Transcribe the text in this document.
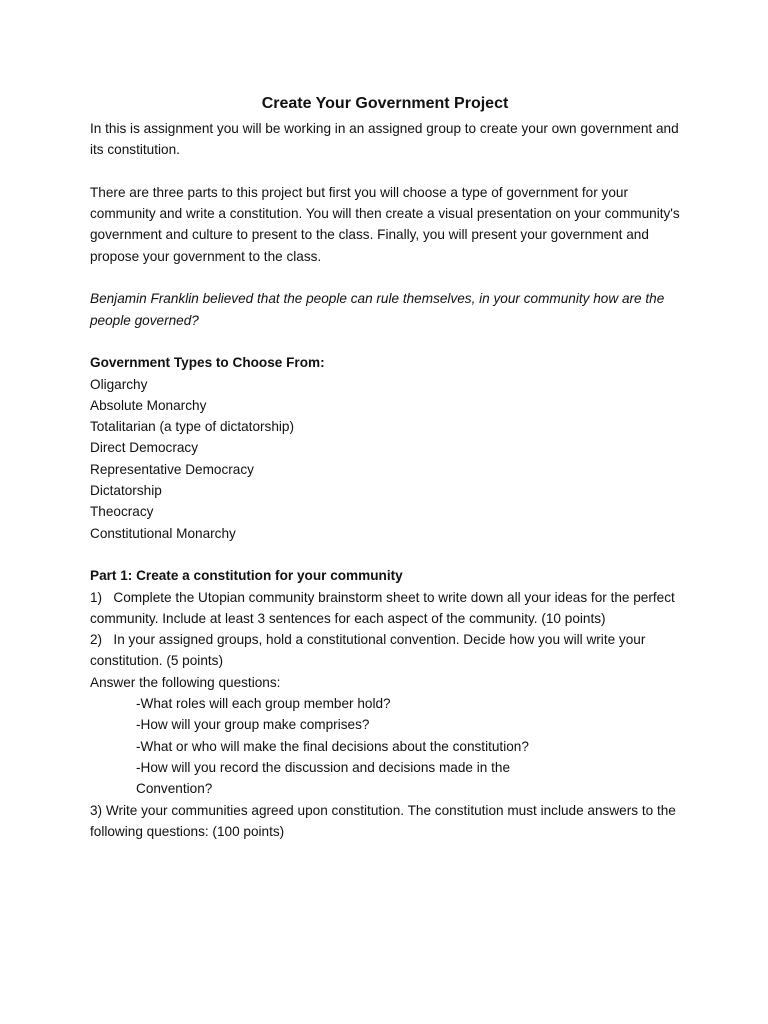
Create Your Government Project

In this is assignment you will be working in an assigned group to create your own government and its constitution.

There are three parts to this project but first you will choose a type of government for your community and write a constitution. You will then create a visual presentation on your community's government and culture to present to the class. Finally, you will present your government and propose your government to the class.

Benjamin Franklin believed that the people can rule themselves, in your community how are the people governed?

Government Types to Choose From:

Oligarchy
Absolute Monarchy
Totalitarian (a type of dictatorship)
Direct Democracy
Representative Democracy
Dictatorship
Theocracy
Constitutional Monarchy

Part 1: Create a constitution for your community

1)   Complete the Utopian community brainstorm sheet to write down all your ideas for the perfect community. Include at least 3 sentences for each aspect of the community. (10 points)
2)   In your assigned groups, hold a constitutional convention. Decide how you will write your constitution. (5 points)
Answer the following questions:
-What roles will each group member hold?
-How will your group make comprises?
-What or who will make the final decisions about the constitution?
-How will you record the discussion and decisions made in the
Convention?
3) Write your communities agreed upon constitution. The constitution must include answers to the following questions: (100 points)
